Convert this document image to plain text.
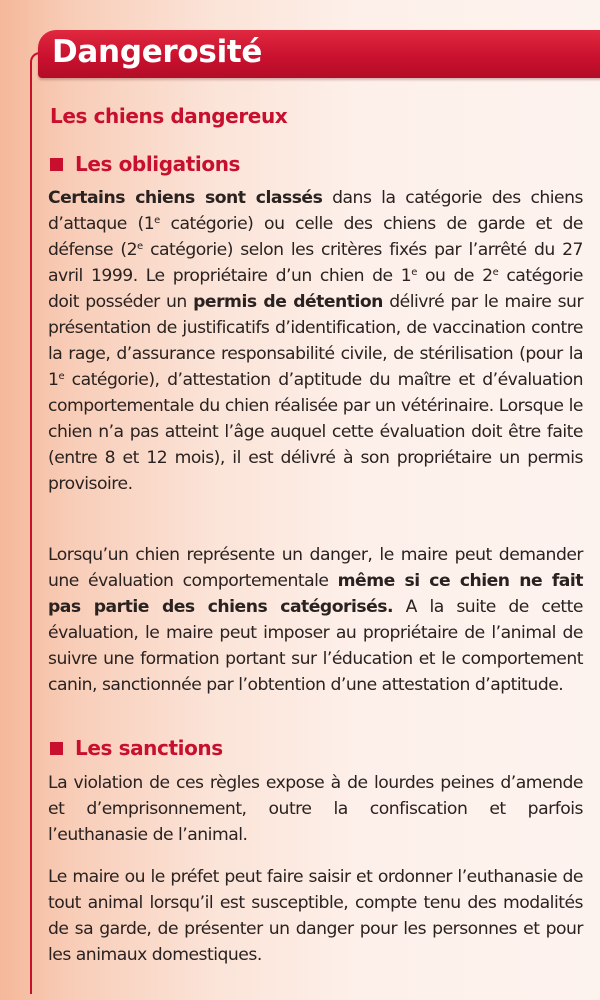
Dangerosité
Les chiens dangereux
Les obligations

Certains chiens sont classés dans la catégorie des chiens d’attaque (1e catégorie) ou celle des chiens de garde et de défense (2e catégorie) selon les critères fixés par l’arrêté du 27 avril 1999. Le propriétaire d’un chien de 1e ou de 2e catégorie doit posséder un permis de détention délivré par le maire sur présentation de justificatifs d’identification, de vaccination contre la rage, d’assurance responsabilité civile, de stérilisation (pour la 1e catégorie), d’attestation d’aptitude du maître et d’évaluation comportementale du chien réalisée par un vétérinaire. Lorsque le chien n’a pas atteint l’âge auquel cette évaluation doit être faite (entre 8 et 12 mois), il est délivré à son propriétaire un permis provisoire.

Lorsqu’un chien représente un danger, le maire peut demander une évaluation comportementale même si ce chien ne fait pas partie des chiens catégorisés. A la suite de cette évaluation, le maire peut imposer au propriétaire de l’animal de suivre une formation portant sur l’éducation et le comportement canin, sanctionnée par l’obtention d’une attestation d’aptitude.

Les sanctions

La violation de ces règles expose à de lourdes peines d’amende et d’emprisonnement, outre la confiscation et parfois l’euthanasie de l’animal.

Le maire ou le préfet peut faire saisir et ordonner l’euthanasie de tout animal lorsqu’il est susceptible, compte tenu des modalités de sa garde, de présenter un danger pour les personnes et pour les animaux domestiques.
